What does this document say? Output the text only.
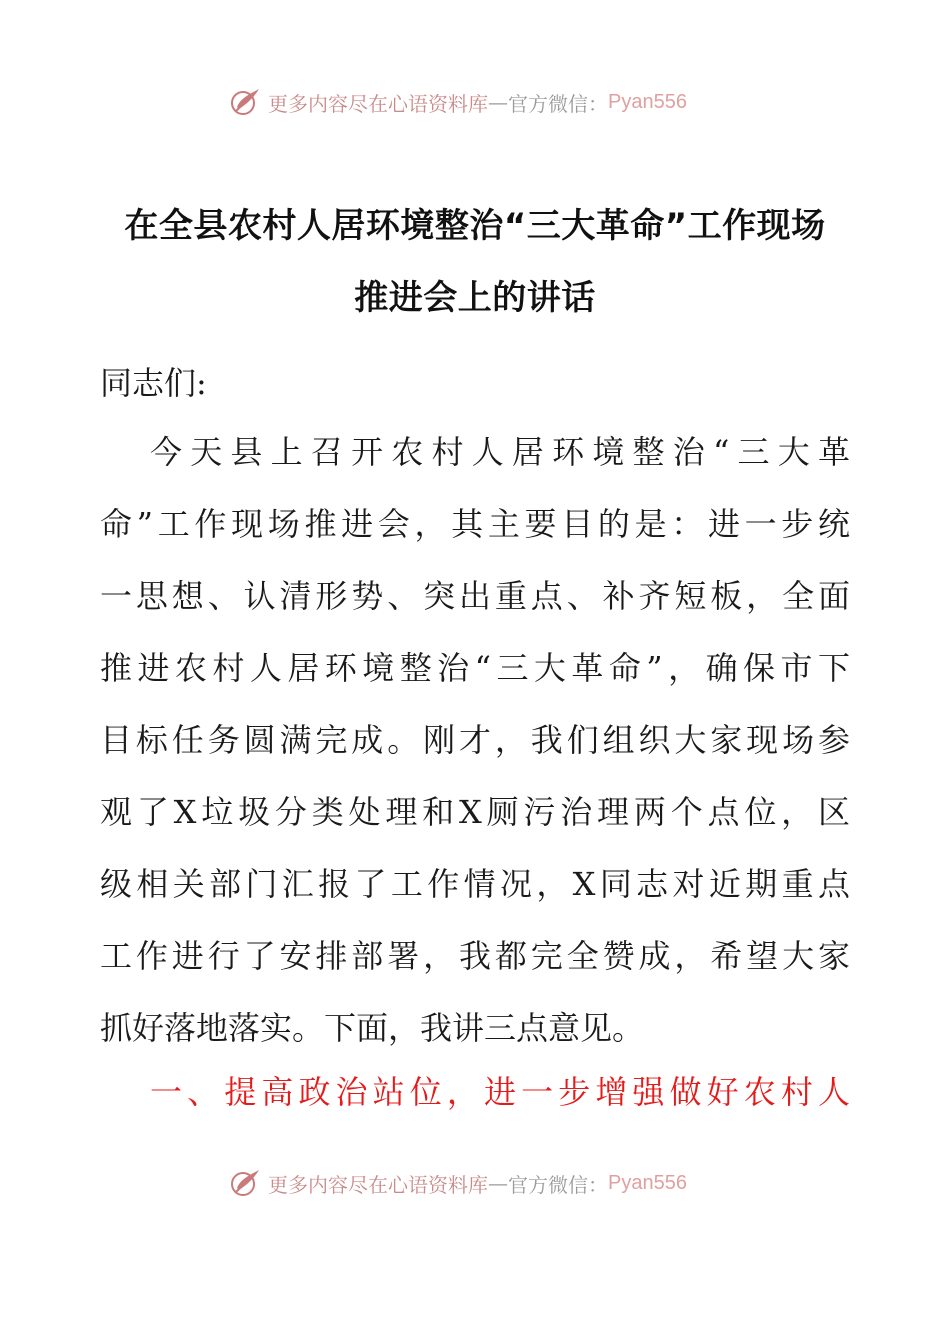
更多内容尽在心语资料库 — 官方微信： Pyan556
在全县农村人居环境整治“三大革命”工作现场
推进会上的讲话
同志们:
今天县上召开农村人居环境整治“三大革
命”工作现场推进会，其主要目的是：进一步统
一思想、认清形势、突出重点、补齐短板，全面
推进农村人居环境整治“三大革命”，确保市下
目标任务圆满完成。刚才，我们组织大家现场参
观了X垃圾分类处理和X厕污治理两个点位，区
级相关部门汇报了工作情况，X同志对近期重点
工作进行了安排部署，我都完全赞成，希望大家
抓好落地落实。下面，我讲三点意见。
一、提高政治站位，进一步增强做好农村人
更多内容尽在心语资料库 — 官方微信： Pyan556
